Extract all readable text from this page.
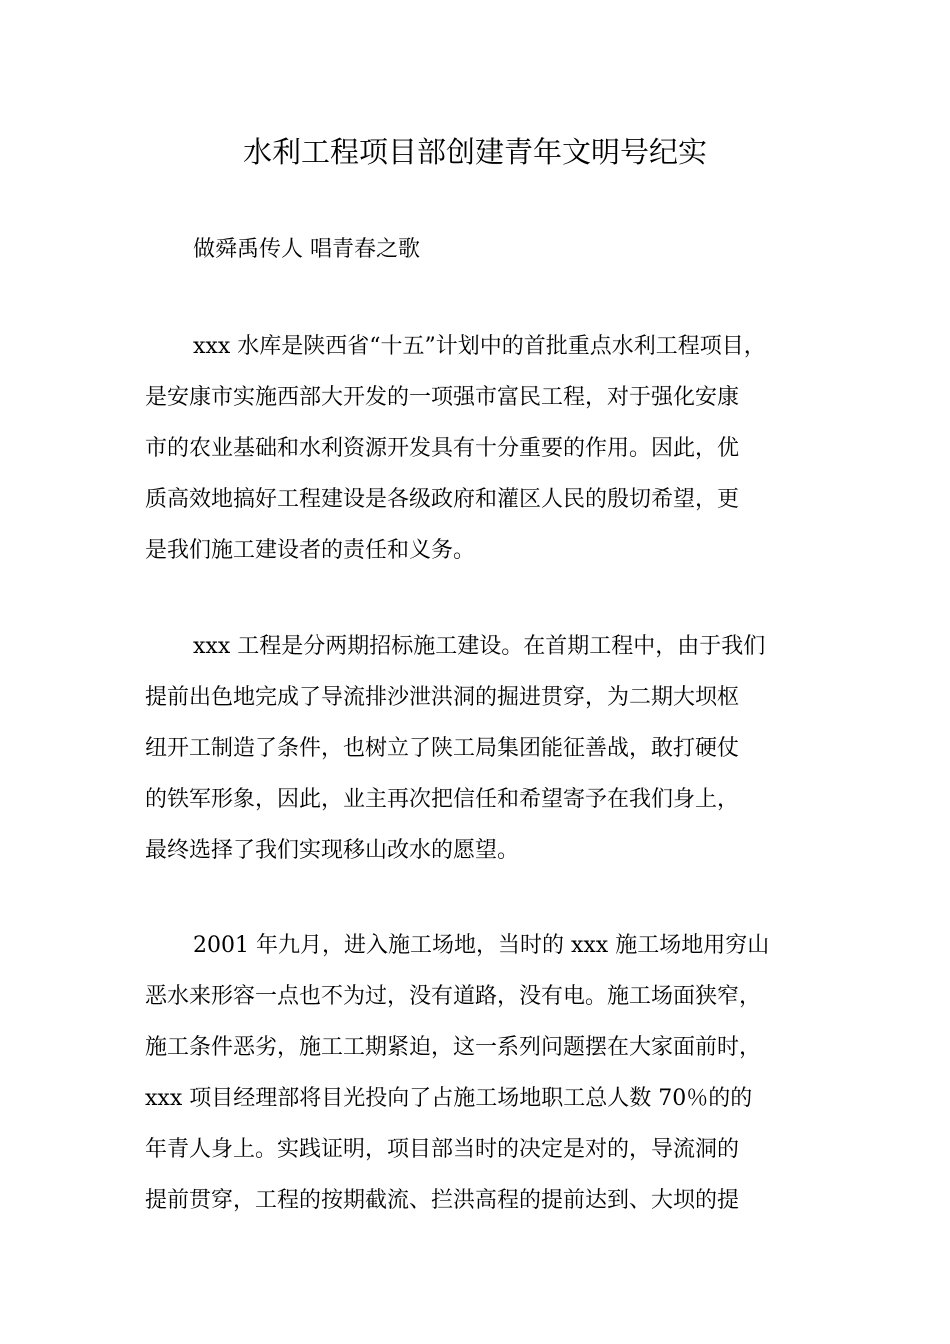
水利工程项目部创建青年文明号纪实
做舜禹传人 唱青春之歌
xxx 水库是陕西省“十五”计划中的首批重点水利工程项目，
是安康市实施西部大开发的一项强市富民工程，对于强化安康
市的农业基础和水利资源开发具有十分重要的作用。因此，优
质高效地搞好工程建设是各级政府和灌区人民的殷切希望，更
是我们施工建设者的责任和义务。
xxx 工程是分两期招标施工建设。在首期工程中，由于我们
提前出色地完成了导流排沙泄洪洞的掘进贯穿，为二期大坝枢
纽开工制造了条件，也树立了陕工局集团能征善战，敢打硬仗
的铁军形象，因此，业主再次把信任和希望寄予在我们身上，
最终选择了我们实现移山改水的愿望。
2001 年九月，进入施工场地，当时的 xxx 施工场地用穷山
恶水来形容一点也不为过，没有道路，没有电。施工场面狭窄，
施工条件恶劣，施工工期紧迫，这一系列问题摆在大家面前时，
xxx 项目经理部将目光投向了占施工场地职工总人数 70％的的
年青人身上。实践证明，项目部当时的决定是对的，导流洞的
提前贯穿，工程的按期截流、拦洪高程的提前达到、大坝的提
